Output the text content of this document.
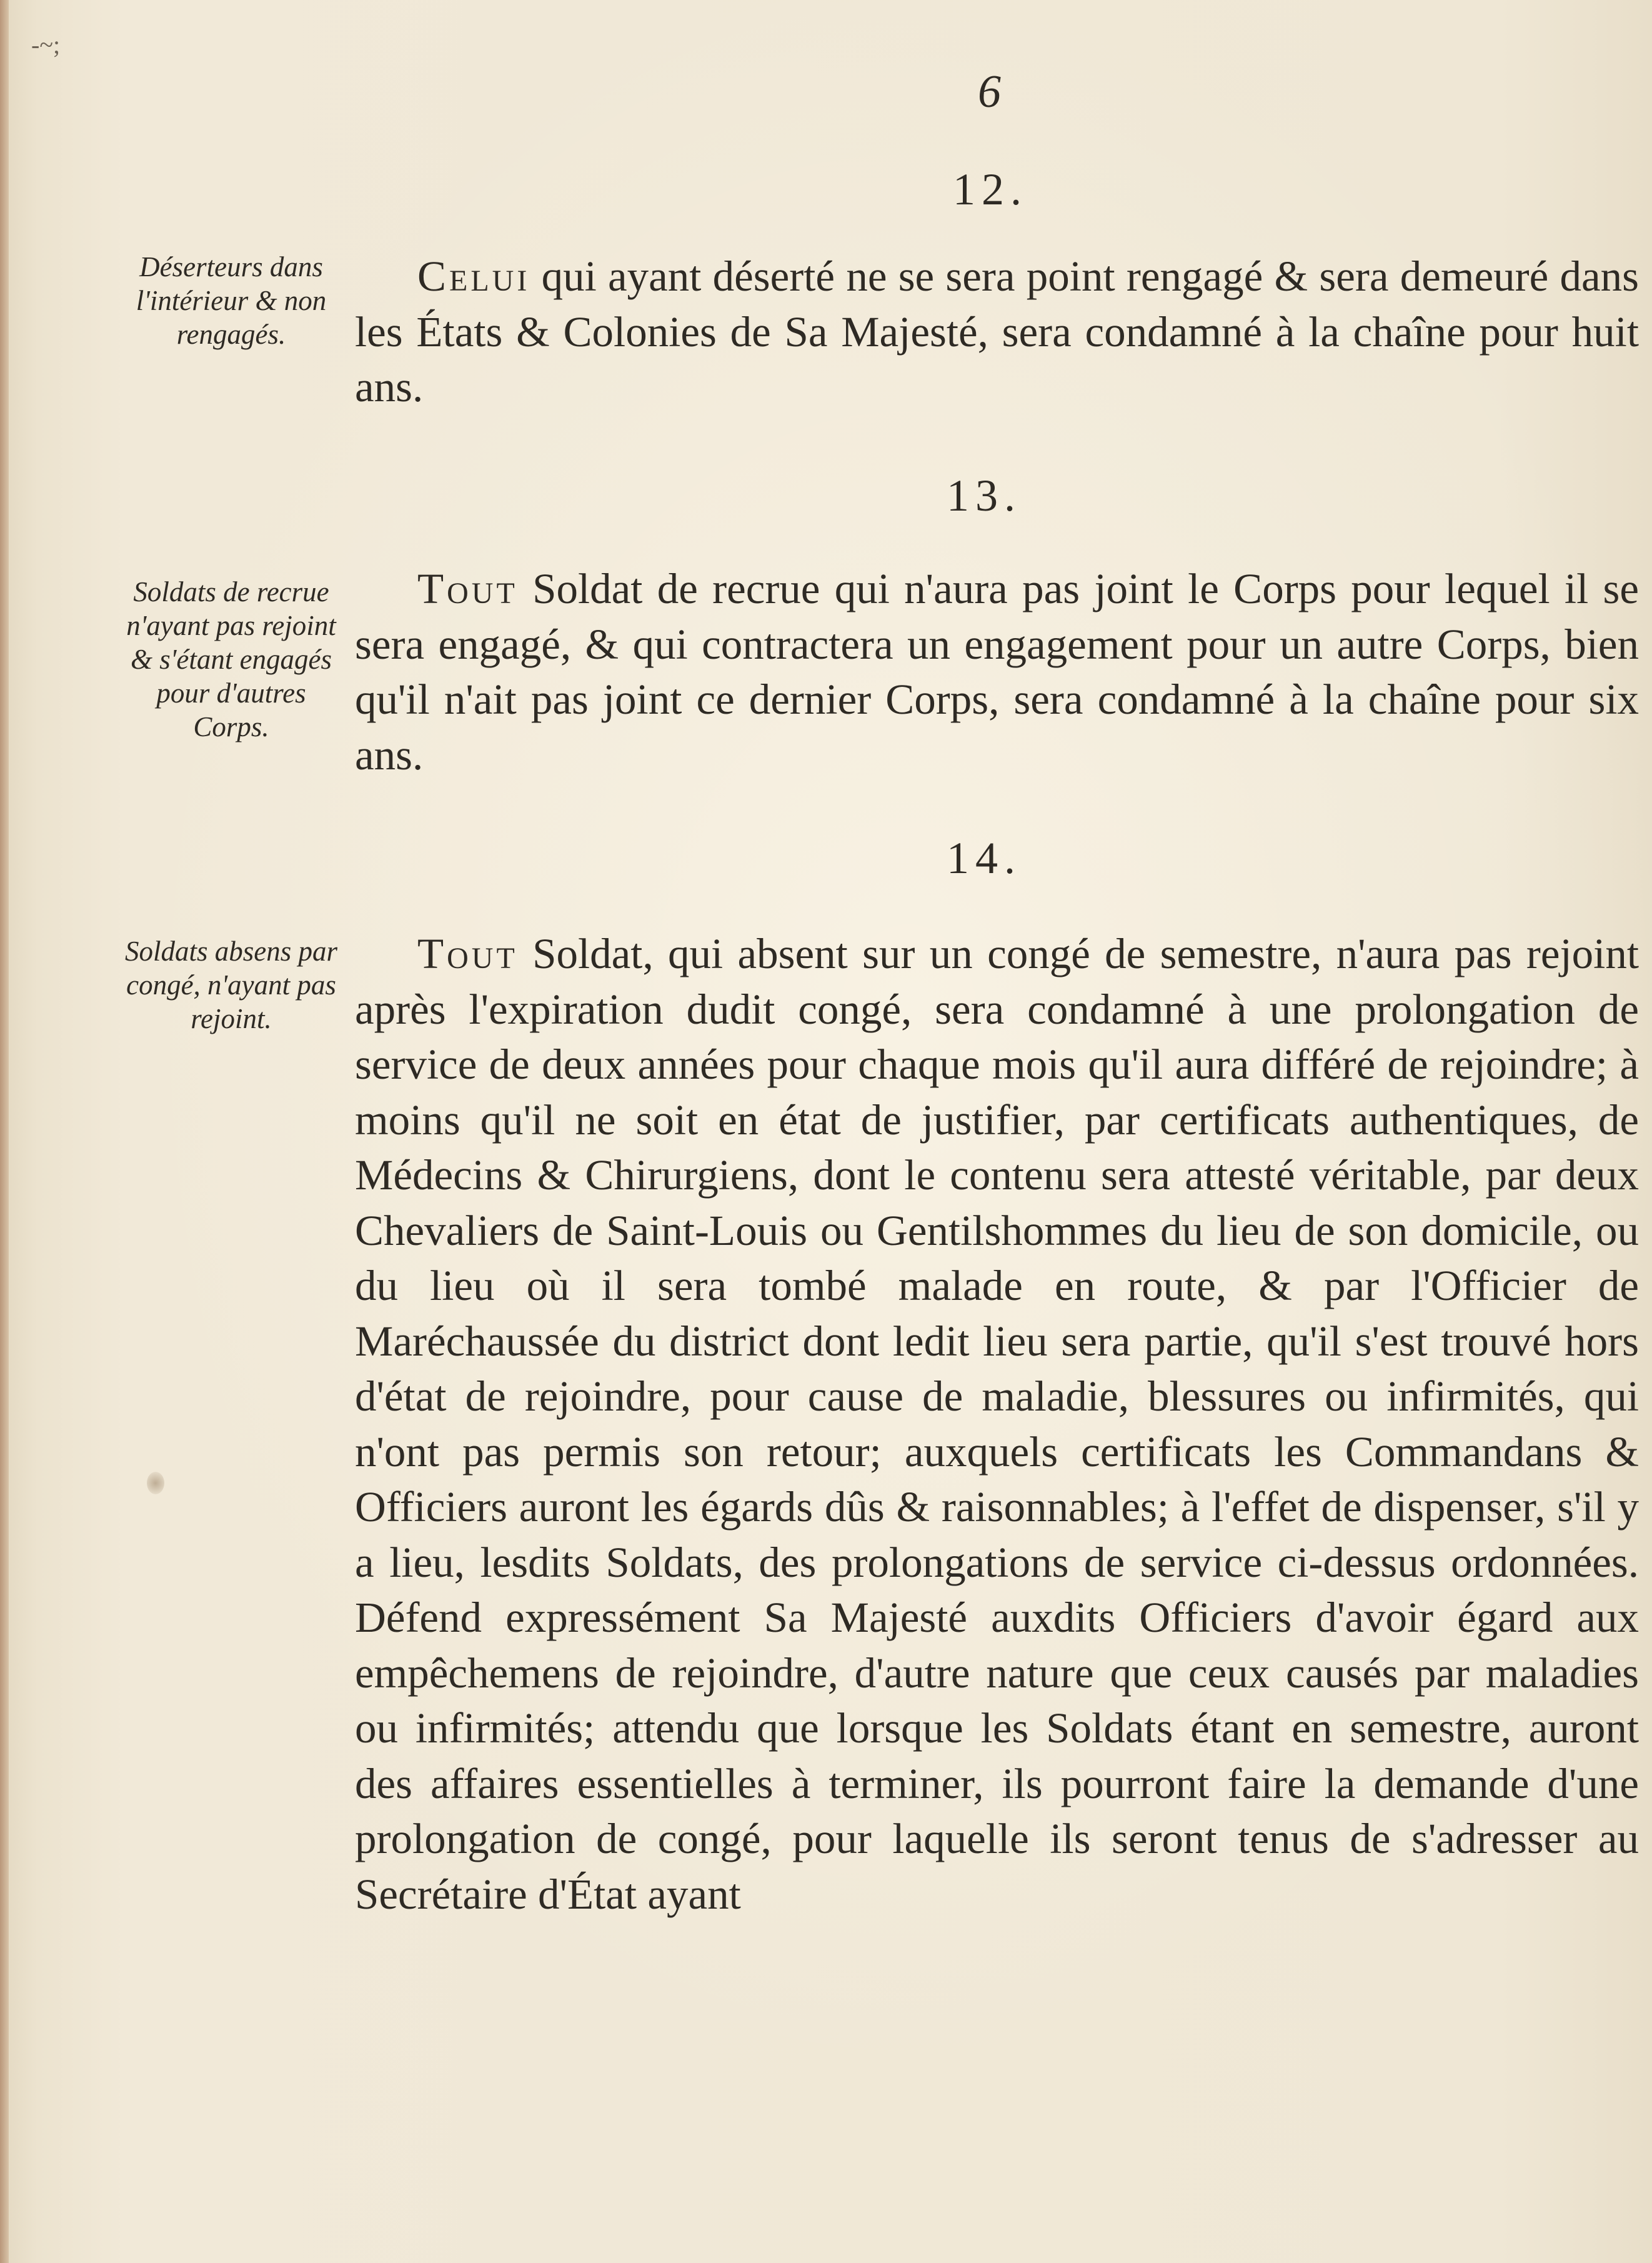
-~;
6
12.
Déserteurs dans l'intérieur & non rengagés.
Celui qui ayant déserté ne se sera point rengagé & sera demeuré dans les États & Colonies de Sa Majesté, sera condamné à la chaîne pour huit ans.
13.
Soldats de recrue n'ayant pas rejoint & s'étant engagés pour d'autres Corps.
Tout Soldat de recrue qui n'aura pas joint le Corps pour lequel il se sera engagé, & qui contractera un engagement pour un autre Corps, bien qu'il n'ait pas joint ce dernier Corps, sera condamné à la chaîne pour six ans.
14.
Soldats absens par congé, n'ayant pas rejoint.
Tout Soldat, qui absent sur un congé de semestre, n'aura pas rejoint après l'expiration dudit congé, sera condamné à une prolongation de service de deux années pour chaque mois qu'il aura différé de rejoindre; à moins qu'il ne soit en état de justifier, par certificats authentiques, de Médecins & Chirurgiens, dont le contenu sera attesté véritable, par deux Chevaliers de Saint-Louis ou Gentilshommes du lieu de son domicile, ou du lieu où il sera tombé malade en route, & par l'Officier de Maréchaussée du district dont ledit lieu sera partie, qu'il s'est trouvé hors d'état de rejoindre, pour cause de maladie, blessures ou infirmités, qui n'ont pas permis son retour; auxquels certificats les Commandans & Officiers auront les égards dûs & raisonnables; à l'effet de dispenser, s'il y a lieu, lesdits Soldats, des prolongations de service ci-dessus ordonnées. Défend expressément Sa Majesté auxdits Officiers d'avoir égard aux empêchemens de rejoindre, d'autre nature que ceux causés par maladies ou infirmités; attendu que lorsque les Soldats étant en semestre, auront des affaires essentielles à terminer, ils pourront faire la demande d'une prolongation de congé, pour laquelle ils seront tenus de s'adresser au Secrétaire d'État ayant
